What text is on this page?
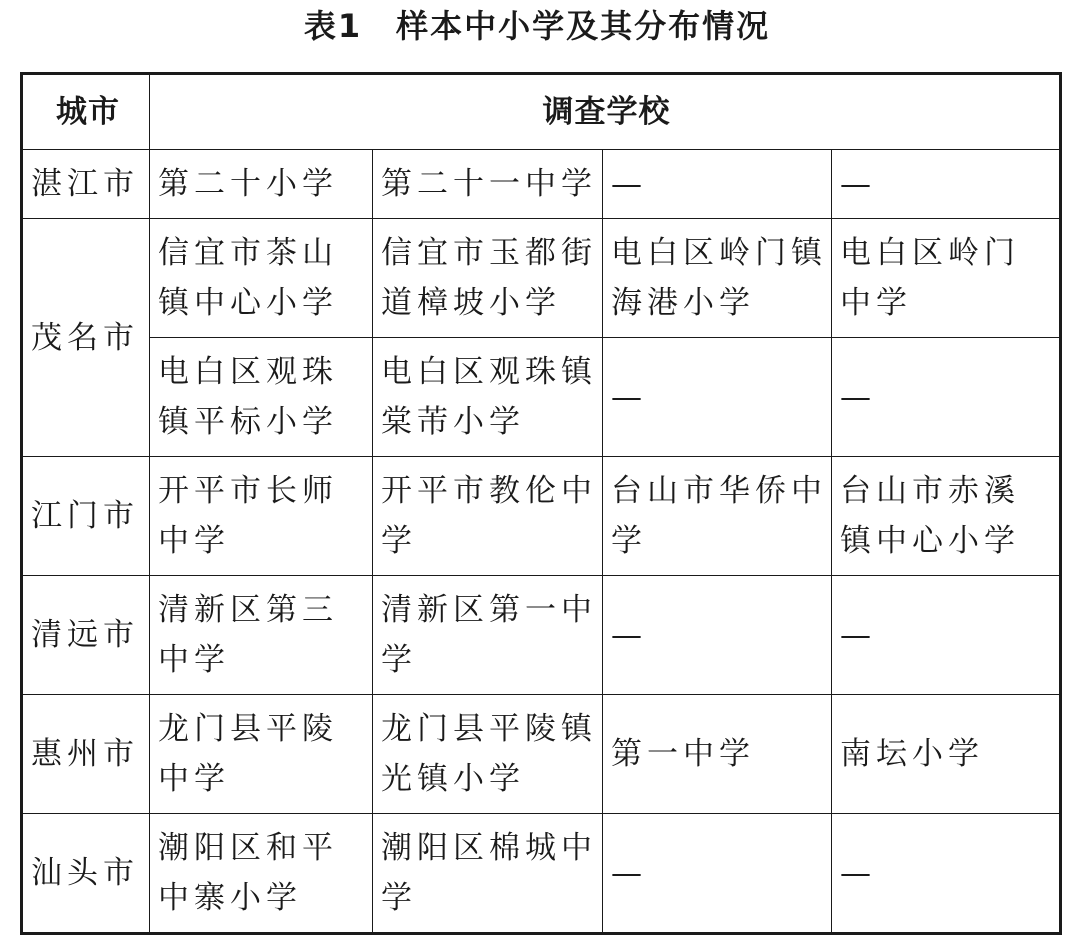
表1　样本中小学及其分布情况
城市	调查学校			
湛江市	第二十小学	第二十一中学	—	—
茂名市	信宜市茶山镇中心小学	信宜市玉都街道樟坡小学	电白区岭门镇海港小学	电白区岭门中学
	电白区观珠镇平标小学	电白区观珠镇棠芾小学	—	—
江门市	开平市长师中学	开平市教伦中学	台山市华侨中学	台山市赤溪镇中心小学
清远市	清新区第三中学	清新区第一中学	—	—
惠州市	龙门县平陵中学	龙门县平陵镇光镇小学	第一中学	南坛小学
汕头市	潮阳区和平中寨小学	潮阳区棉城中学	—	—
